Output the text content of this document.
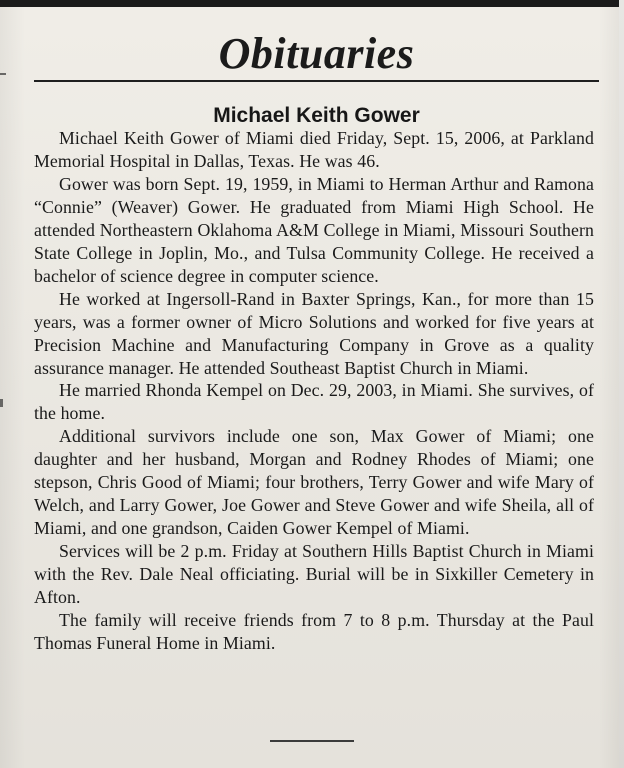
Obituaries
Michael Keith Gower

Michael Keith Gower of Miami died Friday, Sept. 15, 2006, at Parkland Memorial Hospital in Dallas, Texas. He was 46.

Gower was born Sept. 19, 1959, in Miami to Herman Arthur and Ramona “Connie” (Weaver) Gower. He graduated from Miami High School. He attended Northeastern Oklahoma A&M College in Miami, Missouri Southern State College in Joplin, Mo., and Tulsa Community College. He received a bachelor of science degree in computer science.

He worked at Ingersoll-Rand in Baxter Springs, Kan., for more than 15 years, was a former owner of Micro Solutions and worked for five years at Precision Machine and Manufacturing Company in Grove as a quality assurance manager. He attended Southeast Baptist Church in Miami.

He married Rhonda Kempel on Dec. 29, 2003, in Miami. She survives, of the home.

Additional survivors include one son, Max Gower of Miami; one daughter and her husband, Morgan and Rodney Rhodes of Miami; one stepson, Chris Good of Miami; four brothers, Terry Gower and wife Mary of Welch, and Larry Gower, Joe Gower and Steve Gower and wife Sheila, all of Miami, and one grandson, Caiden Gower Kempel of Miami.

Services will be 2 p.m. Friday at Southern Hills Baptist Church in Miami with the Rev. Dale Neal officiating. Burial will be in Sixkiller Cemetery in Afton.

The family will receive friends from 7 to 8 p.m. Thursday at the Paul Thomas Funeral Home in Miami.
